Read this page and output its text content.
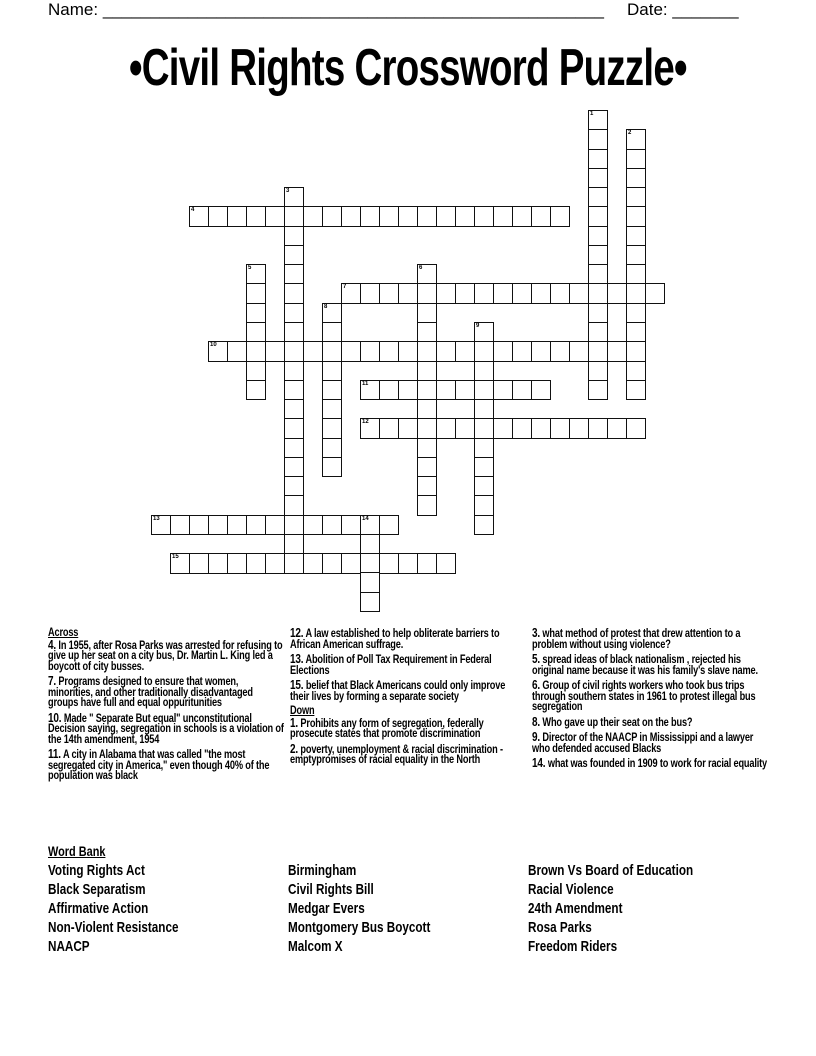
Name: _____________________________________________________ Date: _______
•Civil Rights Crossword Puzzle•
1
2
3
4
5	6
7
8
9
10
11
12
13	14
15
Across
4. In 1955, after Rosa Parks was arrested for refusing to give up her seat on a city bus, Dr. Martin L. King led a boycott of city busses.
7. Programs designed to ensure that women, minorities, and other traditionally disadvantaged groups have full and equal oppuritunities
10. Made " Separate But equal" unconstitutional Decision saying, segregation in schools is a violation of the 14th amendment, 1954
11. A city in Alabama that was called "the most segregated city in America," even though 40% of the population was black
12. A law established to help obliterate barriers to African American suffrage.
13. Abolition of Poll Tax Requirement in Federal Elections
15. belief that Black Americans could only improve their lives by forming a separate society
Down
1. Prohibits any form of segregation, federally prosecute states that promote discrimination
2. poverty, unemployment & racial discrimination - emptypromises of racial equality in the North
3. what method of protest that drew attention to a problem without using violence?
5. spread ideas of black nationalism , rejected his original name because it was his family's slave name.
6. Group of civil rights workers who took bus trips through southern states in 1961 to protest illegal bus segregation
8. Who gave up their seat on the bus?
9. Director of the NAACP in Mississippi and a lawyer who defended accused Blacks
14. what was founded in 1909 to work for racial equality
Word Bank
Voting Rights Act
Black Separatism
Affirmative Action
Non-Violent Resistance
NAACP
Birmingham
Civil Rights Bill
Medgar Evers
Montgomery Bus Boycott
Malcom X
Brown Vs Board of Education
Racial Violence
24th Amendment
Rosa Parks
Freedom Riders
